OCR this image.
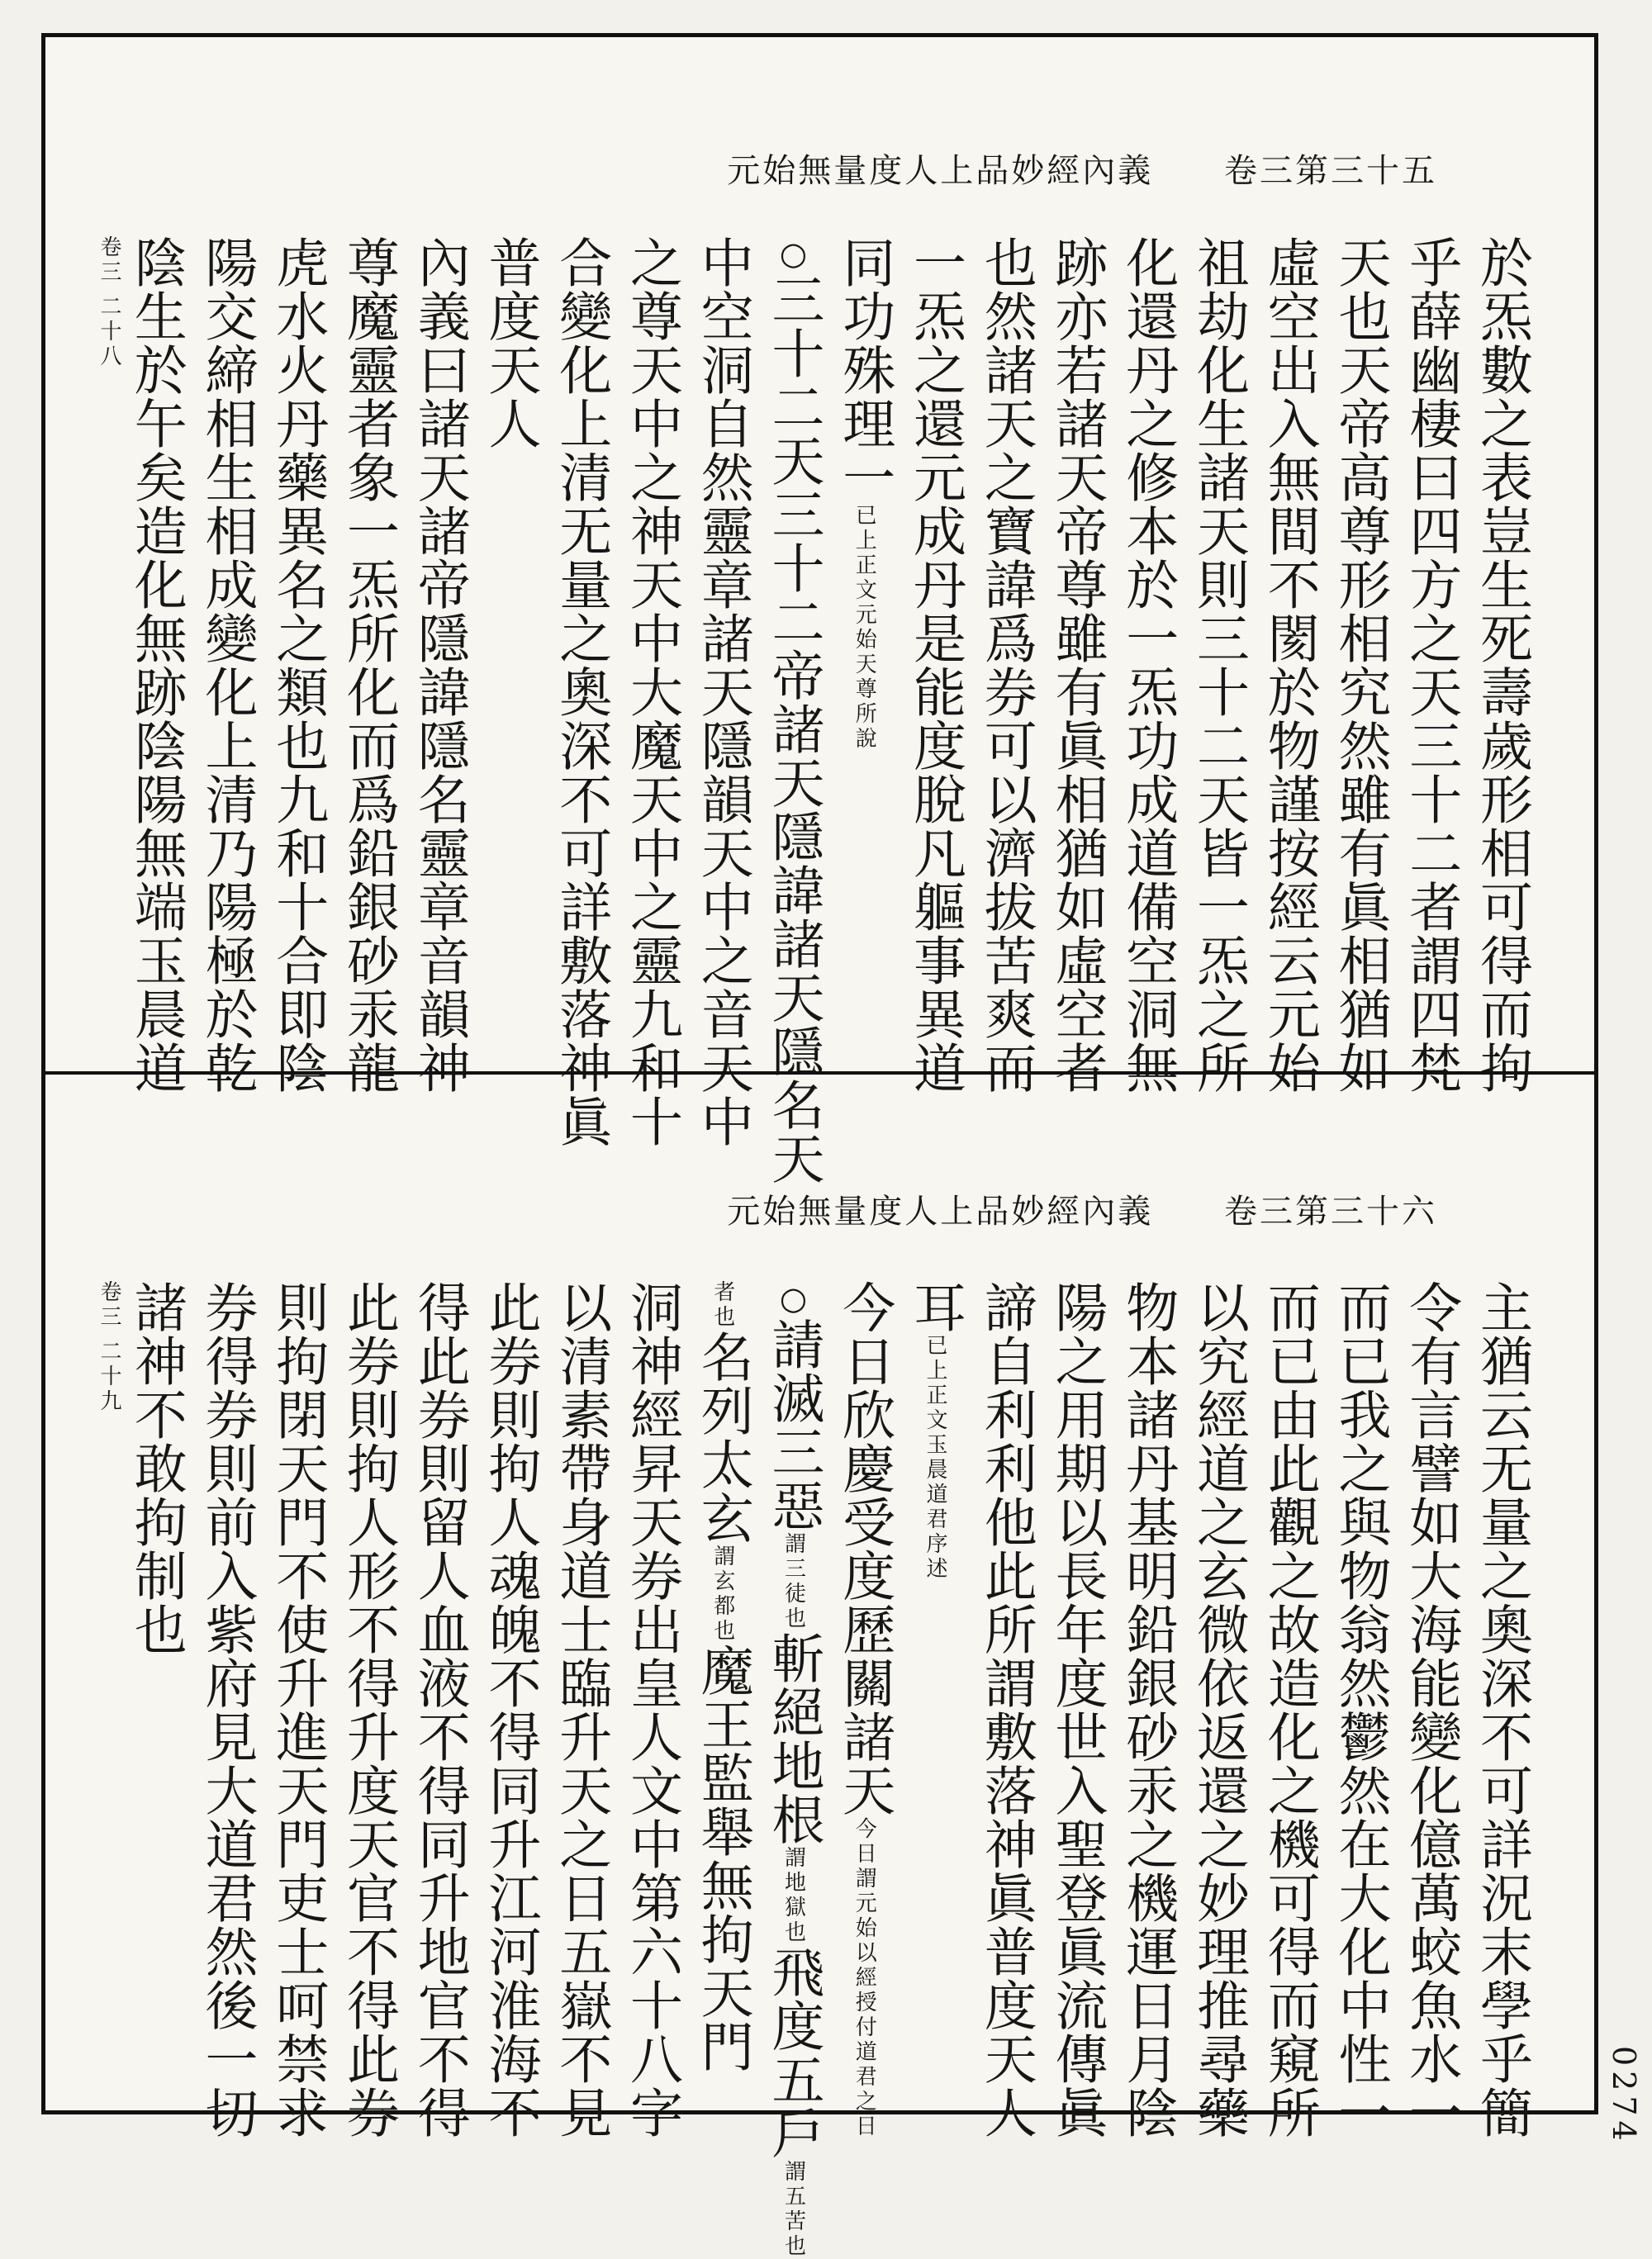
元始無量度人上品妙經內義 卷三第三十五
於炁數之表豈生死壽歲形相可得而拘
乎薛幽棲曰四方之天三十二者謂四梵
天也天帝高尊形相究然雖有眞相猶如
虛空出入無間不閡於物謹按經云元始
祖劫化生諸天則三十二天皆一炁之所
化還丹之修本於一炁功成道備空洞無
跡亦若諸天帝尊雖有眞相猶如虛空者
也然諸天之寶諱爲券可以濟拔苦爽而
一炁之還元成丹是能度脫凡軀事異道
同功殊理一已上正文元始天尊所說
○三十二天三十二帝諸天隱諱諸天隱名天
中空洞自然靈章諸天隱韻天中之音天中
之尊天中之神天中大魔天中之靈九和十
合變化上清无量之奧深不可詳敷落神眞
普度天人
內義曰諸天諸帝隱諱隱名靈章音韻神
尊魔靈者象一炁所化而爲鉛銀砂汞龍
虎水火丹藥異名之類也九和十合即陰
陽交締相生相成變化上清乃陽極於乾
陰生於午矣造化無跡陰陽無端玉晨道
卷三 二十八
元始無量度人上品妙經內義 卷三第三十六
主猶云无量之奧深不可詳況末學乎簡
令有言譬如大海能變化億萬蛟魚水一
而已我之與物翁然鬱然在大化中性一
而已由此觀之故造化之機可得而窺所
以究經道之玄微依返還之妙理推尋藥
物本諸丹基明鉛銀砂汞之機運日月陰
陽之用期以長年度世入聖登眞流傳眞
諦自利利他此所謂敷落神眞普度天人
耳已上正文玉晨道君序述
今日欣慶受度歷關諸天今日謂元始以經授付道君之日
○請滅三惡謂三徒也斬絕地根謂地獄也飛度五戶謂五苦也
者也名列太玄謂玄都也魔王監舉無拘天門
洞神經昇天券出皇人文中第六十八字
以清素帶身道士臨升天之日五嶽不見
此券則拘人魂魄不得同升江河淮海不
得此券則留人血液不得同升地官不得
此券則拘人形不得升度天官不得此券
則拘閉天門不使升進天門吏士呵禁求
券得券則前入紫府見大道君然後一切
諸神不敢拘制也
卷三 二十九
0274
